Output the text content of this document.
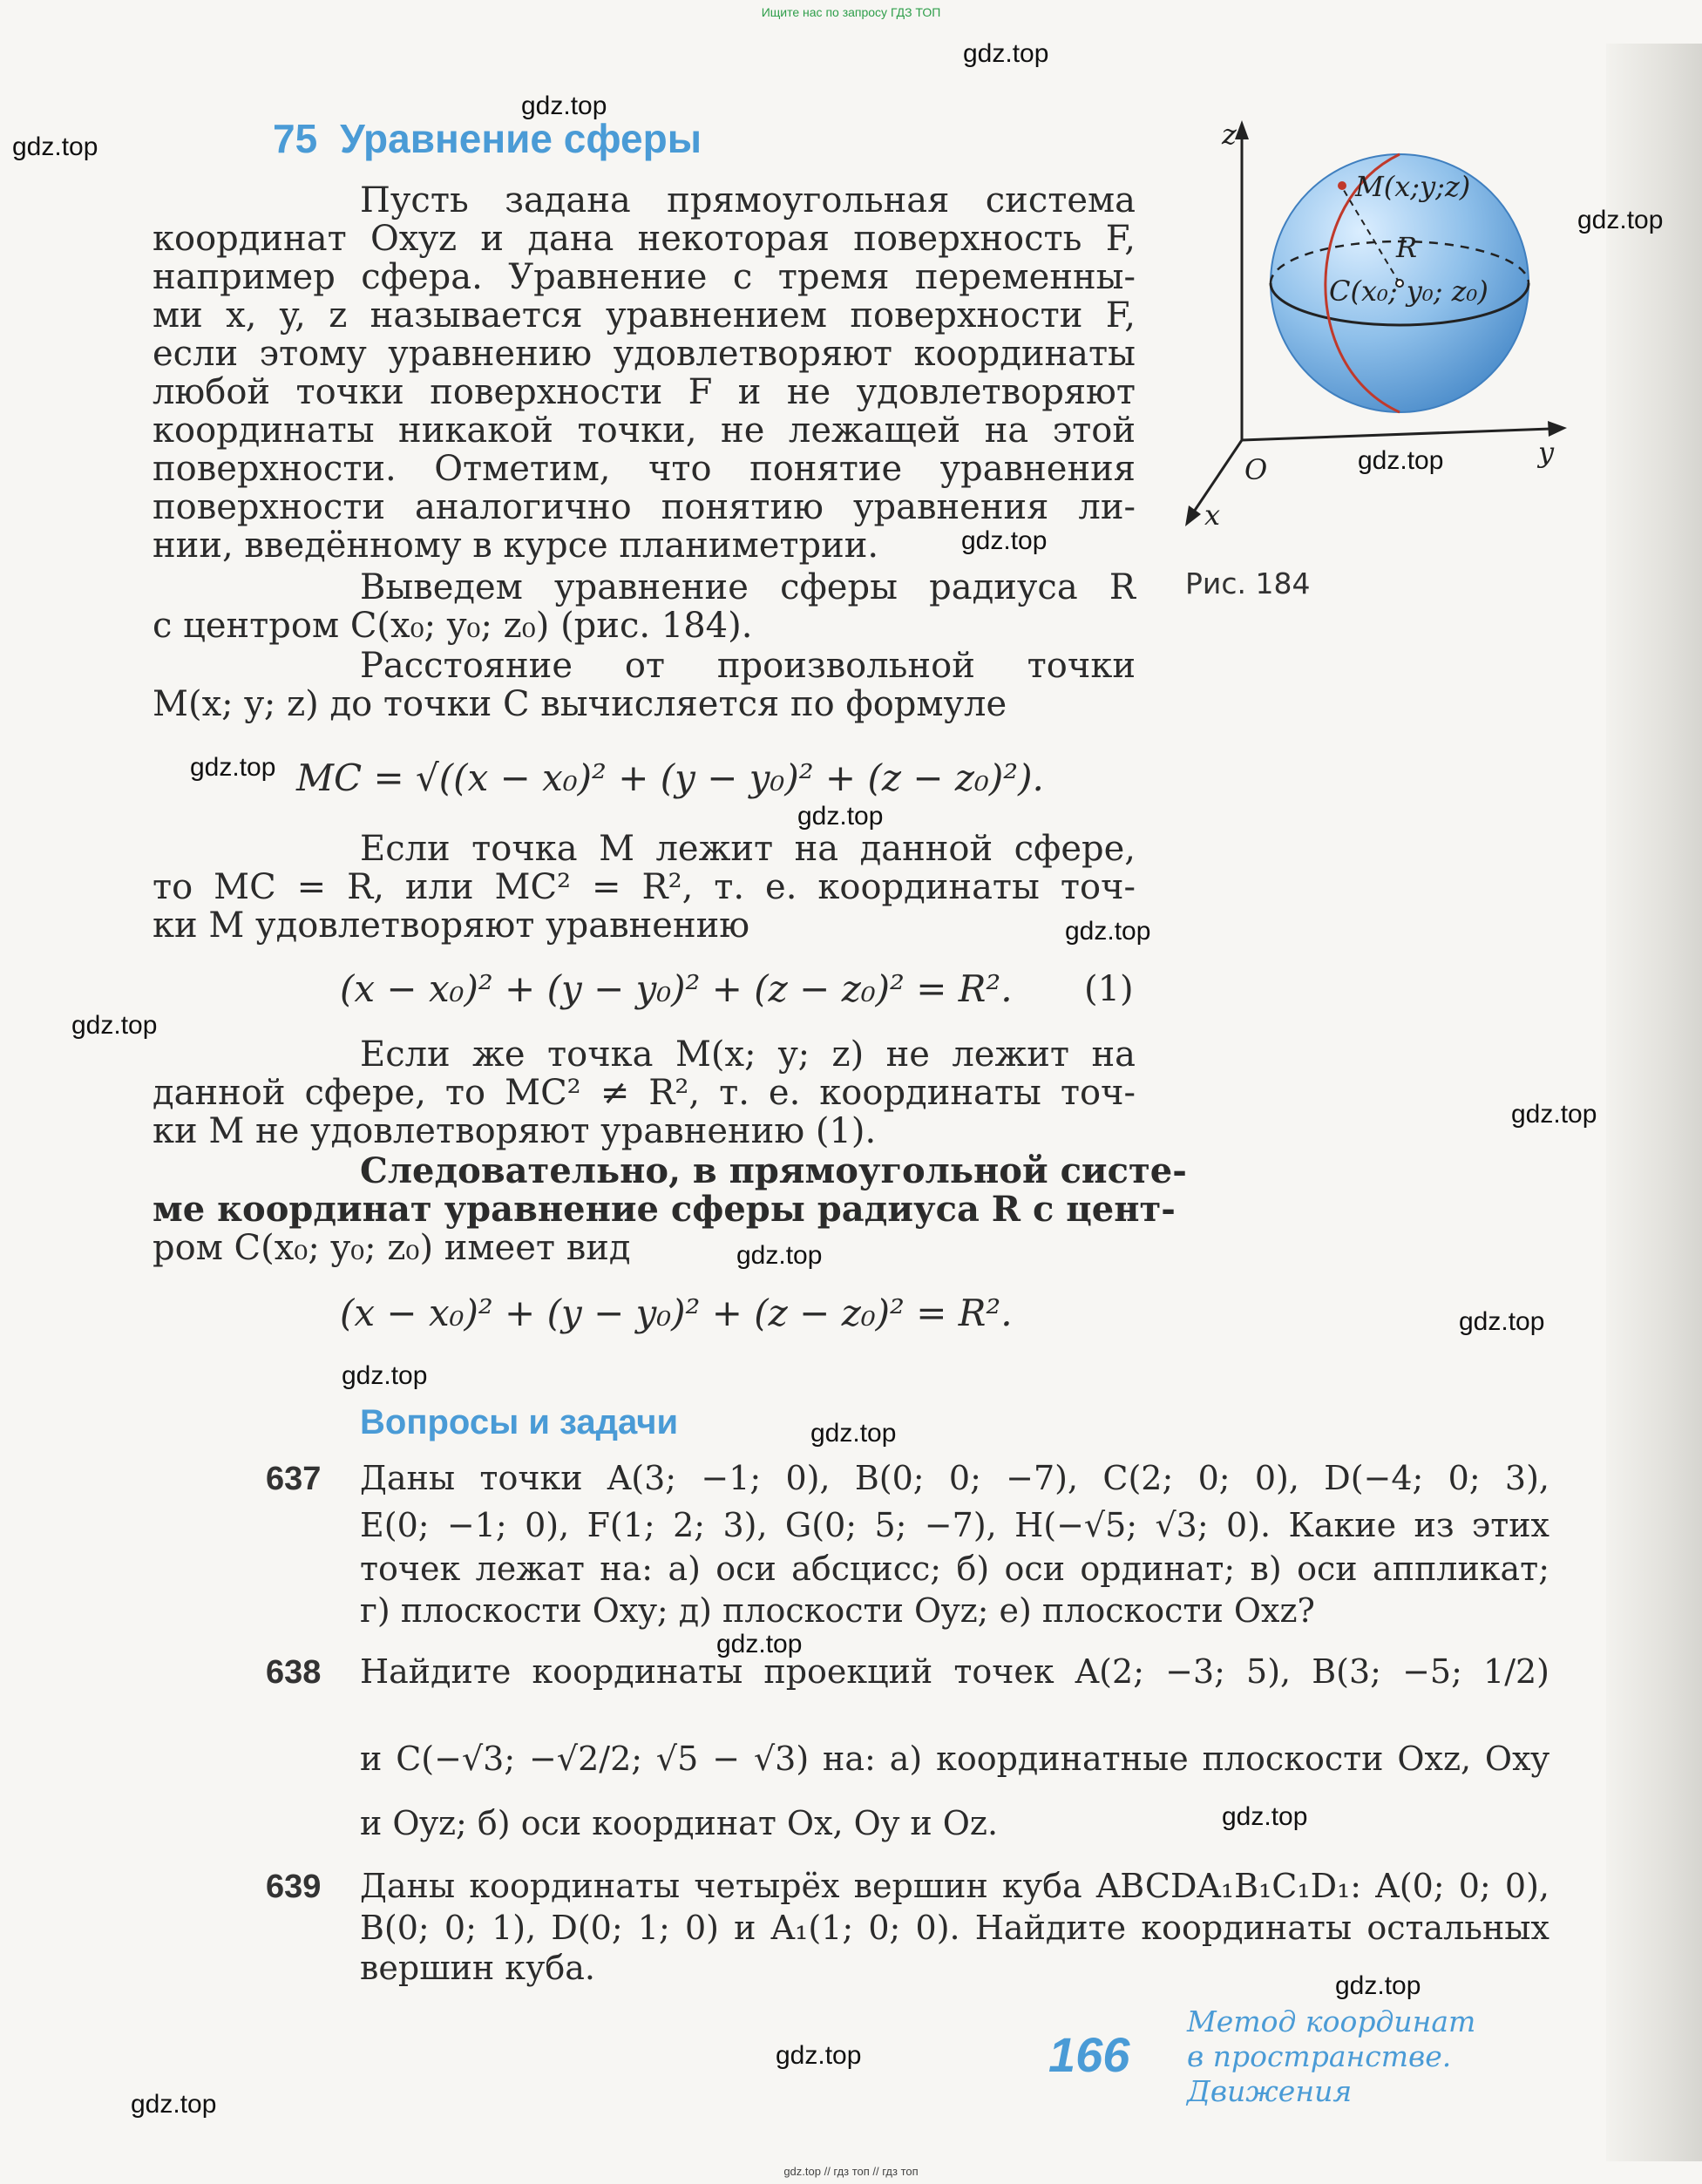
Ищите нас по запросу ГДЗ ТОП
75 Уравнение сферы
Пусть задана прямоугольная система
координат Oxyz и дана некоторая поверхность F,
например сфера. Уравнение с тремя переменны-
ми x, y, z называется уравнением поверхности F,
если этому уравнению удовлетворяют координаты
любой точки поверхности F и не удовлетворяют
координаты никакой точки, не лежащей на этой
поверхности. Отметим, что понятие уравнения
поверхности аналогично понятию уравнения ли-
нии, введённому в курсе планиметрии.
Выведем уравнение сферы радиуса R
с центром C(x₀; y₀; z₀) (рис. 184).
Расстояние от произвольной точки
M(x; y; z) до точки C вычисляется по формуле
MC = √((x − x₀)² + (y − y₀)² + (z − z₀)²).
Если точка M лежит на данной сфере,
то MC = R, или MC² = R², т. е. координаты точ-
ки M удовлетворяют уравнению
(x − x₀)² + (y − y₀)² + (z − z₀)² = R². (1)
Если же точка M(x; y; z) не лежит на
данной сфере, то MC² ≠ R², т. е. координаты точ-
ки M не удовлетворяют уравнению (1).
Следовательно, в прямоугольной систе-
ме координат уравнение сферы радиуса R с цент-
ром C(x₀; y₀; z₀) имеет вид
(x − x₀)² + (y − y₀)² + (z − z₀)² = R².
z
y
x
O
M(x;y;z)
R
C(x₀; y₀; z₀)
Рис. 184
Вопросы и задачи
637 Даны точки A(3; −1; 0), B(0; 0; −7), C(2; 0; 0), D(−4; 0; 3),
E(0; −1; 0), F(1; 2; 3), G(0; 5; −7), H(−√5; √3; 0). Какие из этих
точек лежат на: а) оси абсцисс; б) оси ординат; в) оси аппликат;
г) плоскости Oxy; д) плоскости Oyz; е) плоскости Oxz?
638 Найдите координаты проекций точек A(2; −3; 5), B(3; −5; 1/2)
и C(−√3; −√2/2; √5 − √3) на: а) координатные плоскости Oxz, Oxy
и Oyz; б) оси координат Ox, Oy и Oz.
639 Даны координаты четырёх вершин куба ABCDA₁B₁C₁D₁: A(0; 0; 0),
B(0; 0; 1), D(0; 1; 0) и A₁(1; 0; 0). Найдите координаты остальных
вершин куба.
166
Метод координат
в пространстве.
Движения
gdz.top
gdz.top
gdz.top
gdz.top
gdz.top
gdz.top
gdz.top
gdz.top
gdz.top
gdz.top
gdz.top
gdz.top
gdz.top
gdz.top
gdz.top
gdz.top
gdz.top
gdz.top
gdz.top
gdz.top
gdz.top // гдз топ // гдз топ
